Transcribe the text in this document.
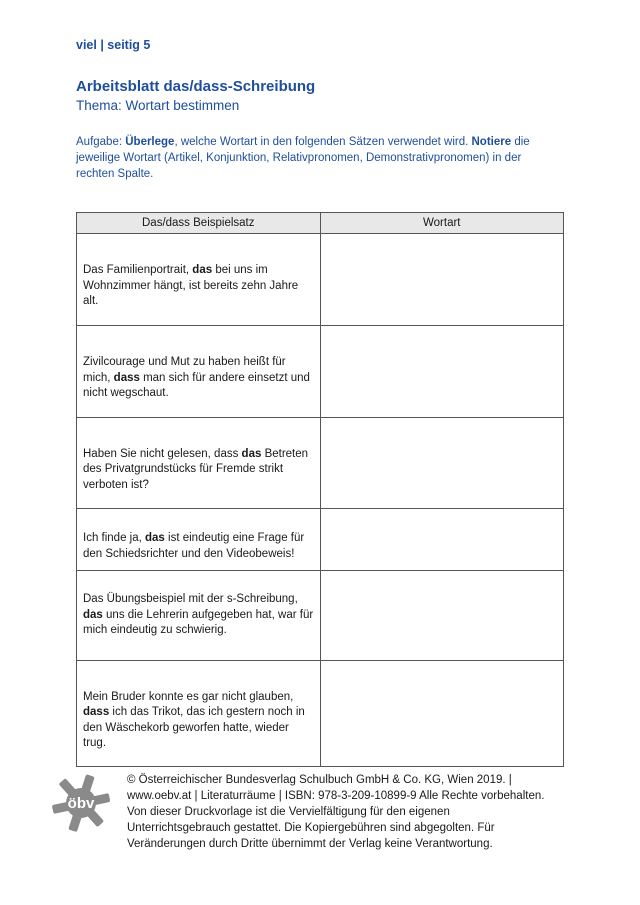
viel | seitig 5
Arbeitsblatt das/dass-Schreibung
Thema: Wortart bestimmen
Aufgabe: Überlege, welche Wortart in den folgenden Sätzen verwendet wird. Notiere die jeweilige Wortart (Artikel, Konjunktion, Relativpronomen, Demonstrativpronomen) in der rechten Spalte.
Das/dass Beispielsatz	Wortart

Das Familienportrait, das bei uns im Wohnzimmer hängt, ist bereits zehn Jahre alt.	

Zivilcourage und Mut zu haben heißt für mich, dass man sich für andere einsetzt und nicht wegschaut.	

Haben Sie nicht gelesen, dass das Betreten des Privatgrundstücks für Fremde strikt verboten ist?	

Ich finde ja, das ist eindeutig eine Frage für den Schiedsrichter und den Videobeweis!	
Das Übungsbeispiel mit der s-Schreibung, das uns die Lehrerin aufgegeben hat, war für mich eindeutig zu schwierig.	

Mein Bruder konnte es gar nicht glauben, dass ich das Trikot, das ich gestern noch in den Wäschekorb geworfen hatte, wieder trug.	
öbv
© Österreichischer Bundesverlag Schulbuch GmbH & Co. KG, Wien 2019. | www.oebv.at | Literaturräume | ISBN: 978-3-209-10899-9 Alle Rechte vorbehalten. Von dieser Druckvorlage ist die Vervielfältigung für den eigenen Unterrichtsgebrauch gestattet. Die Kopiergebühren sind abgegolten. Für Veränderungen durch Dritte übernimmt der Verlag keine Verantwortung.
